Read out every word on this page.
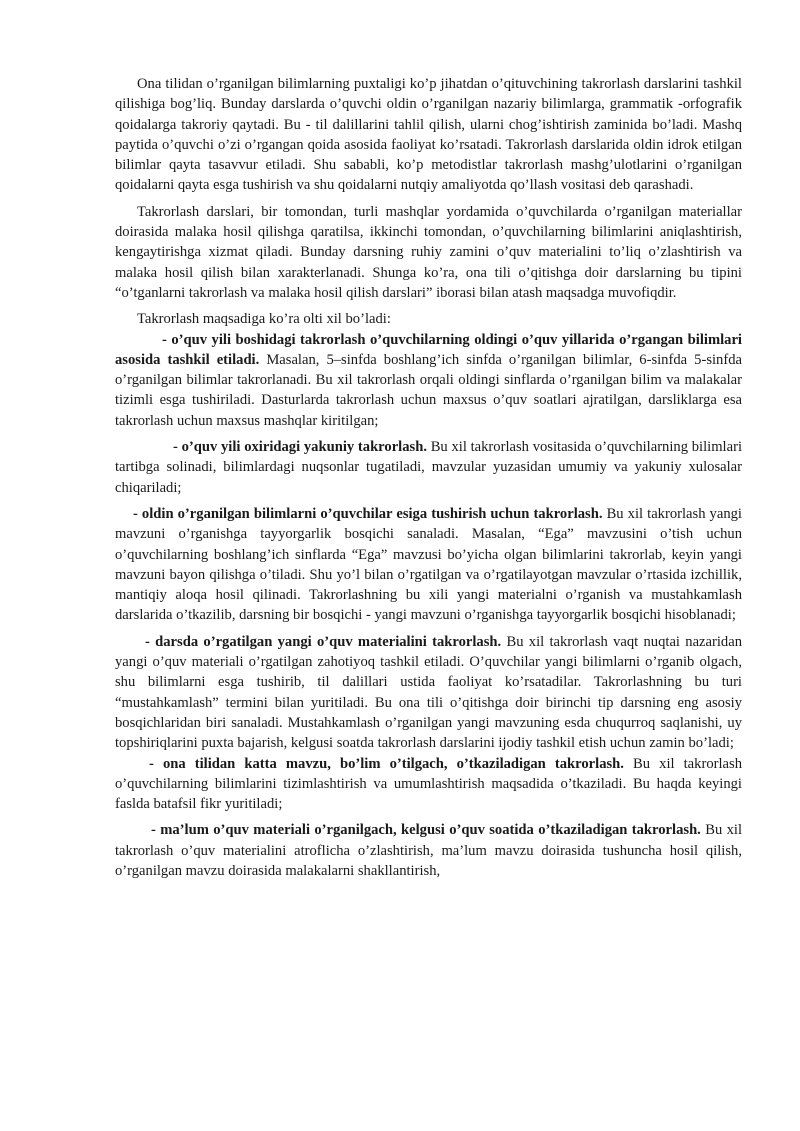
Ona tilidan o’rganilgan bilimlarning puxtaligi ko’p jihatdan o’qituvchining takrorlash darslarini tashkil qilishiga bog’liq. Bunday darslarda o’quvchi oldin o’rganilgan nazariy bilimlarga, grammatik -orfografik qoidalarga takroriy qaytadi. Bu - til dalillarini tahlil qilish, ularni chog’ishtirish zaminida bo’ladi. Mashq paytida o’quvchi o’zi o’rgangan qoida asosida faoliyat ko’rsatadi. Takrorlash darslarida oldin idrok etilgan bilimlar qayta tasavvur etiladi. Shu sababli, ko’p metodistlar takrorlash mashg’ulotlarini o’rganilgan qoidalarni qayta esga tushirish va shu qoidalarni nutqiy amaliyotda qo’llash vositasi deb qarashadi.

Takrorlash darslari, bir tomondan, turli mashqlar yordamida o’quvchilarda o’rganilgan materiallar doirasida malaka hosil qilishga qaratilsa, ikkinchi tomondan, o’quvchilarning bilimlarini aniqlashtirish, kengaytirishga xizmat qiladi. Bunday darsning ruhiy zamini o’quv materialini to’liq o’zlashtirish va malaka hosil qilish bilan xarakterlanadi. Shunga ko’ra, ona tili o’qitishga doir darslarning bu tipini “o’tganlarni takrorlash va malaka hosil qilish darslari” iborasi bilan atash maqsadga muvofiqdir.

Takrorlash maqsadiga ko’ra olti xil bo’ladi:

- o’quv yili boshidagi takrorlash o’quvchilarning oldingi o’quv yillarida o’rgangan bilimlari asosida tashkil etiladi. Masalan, 5–sinfda boshlang’ich sinfda o’rganilgan bilimlar, 6-sinfda 5-sinfda o’rganilgan bilimlar takrorlanadi. Bu xil takrorlash orqali oldingi sinflarda o’rganilgan bilim va malakalar tizimli esga tushiriladi. Dasturlarda takrorlash uchun maxsus o’quv soatlari ajratilgan, darsliklarga esa takrorlash uchun maxsus mashqlar kiritilgan;

- o’quv yili oxiridagi yakuniy takrorlash. Bu xil takrorlash vositasida o’quvchilarning bilimlari tartibga solinadi, bilimlardagi nuqsonlar tugatiladi, mavzular yuzasidan umumiy va yakuniy xulosalar chiqariladi;

- oldin o’rganilgan bilimlarni o’quvchilar esiga tushirish uchun takrorlash. Bu xil takrorlash yangi mavzuni o’rganishga tayyorgarlik bosqichi sanaladi. Masalan, “Ega” mavzusini o’tish uchun o’quvchilarning boshlang’ich sinflarda “Ega” mavzusi bo’yicha olgan bilimlarini takrorlab, keyin yangi mavzuni bayon qilishga o’tiladi. Shu yo’l bilan o’rgatilgan va o’rgatilayotgan mavzular o’rtasida izchillik, mantiqiy aloqa hosil qilinadi. Takrorlashning bu xili yangi materialni o’rganish va mustahkamlash darslarida o’tkazilib, darsning bir bosqichi - yangi mavzuni o’rganishga tayyorgarlik bosqichi hisoblanadi;

- darsda o’rgatilgan yangi o’quv materialini takrorlash. Bu xil takrorlash vaqt nuqtai nazaridan yangi o’quv materiali o’rgatilgan zahotiyoq tashkil etiladi. O’quvchilar yangi bilimlarni o’rganib olgach, shu bilimlarni esga tushirib, til dalillari ustida faoliyat ko’rsatadilar. Takrorlashning bu turi “mustahkamlash” termini bilan yuritiladi. Bu ona tili o’qitishga doir birinchi tip darsning eng asosiy bosqichlaridan biri sanaladi. Mustahkamlash o’rganilgan yangi mavzuning esda chuqurroq saqlanishi, uy topshiriqlarini puxta bajarish, kelgusi soatda takrorlash darslarini ijodiy tashkil etish uchun zamin bo’ladi;

- ona tilidan katta mavzu, bo’lim o’tilgach, o’tkaziladigan takrorlash. Bu xil takrorlash o’quvchilarning bilimlarini tizimlashtirish va umumlashtirish maqsadida o’tkaziladi. Bu haqda keyingi faslda batafsil fikr yuritiladi;

- ma’lum o’quv materiali o’rganilgach, kelgusi o’quv soatida o’tkaziladigan takrorlash. Bu xil takrorlash o’quv materialini atroflicha o’zlashtirish, ma’lum mavzu doirasida tushuncha hosil qilish, o’rganilgan mavzu doirasida malakalarni shakllantirish,
